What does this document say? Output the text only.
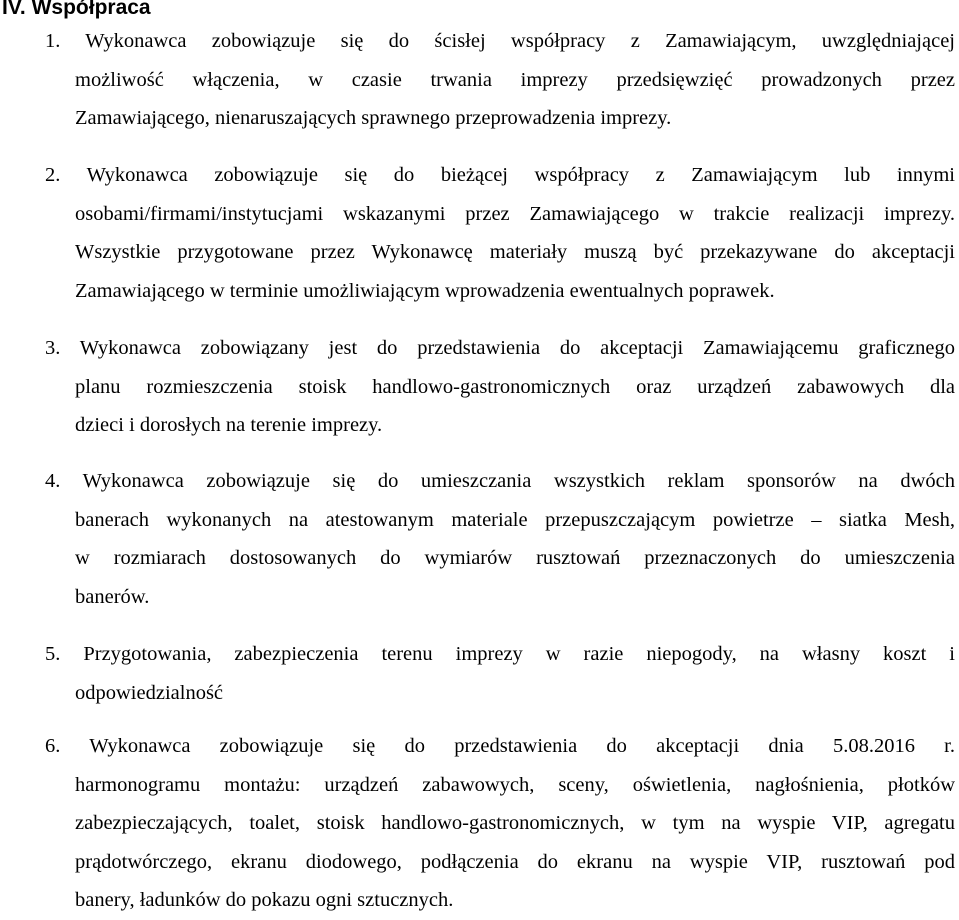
IV. Współpraca
1. Wykonawca zobowiązuje się do ścisłej współpracy z Zamawiającym, uwzględniającej
możliwość włączenia, w czasie trwania imprezy przedsięwzięć prowadzonych przez
Zamawiającego, nienaruszających sprawnego przeprowadzenia imprezy.
2. Wykonawca zobowiązuje się do bieżącej współpracy z Zamawiającym lub innymi
osobami/firmami/instytucjami wskazanymi przez Zamawiającego w trakcie realizacji imprezy.
Wszystkie przygotowane przez Wykonawcę materiały muszą być przekazywane do akceptacji
Zamawiającego w terminie umożliwiającym wprowadzenia ewentualnych poprawek.
3. Wykonawca zobowiązany jest do przedstawienia do akceptacji Zamawiającemu graficznego
planu rozmieszczenia stoisk handlowo-gastronomicznych oraz urządzeń zabawowych dla
dzieci i dorosłych na terenie imprezy.
4. Wykonawca zobowiązuje się do umieszczania wszystkich reklam sponsorów na dwóch
banerach wykonanych na atestowanym materiale przepuszczającym powietrze – siatka Mesh,
w rozmiarach dostosowanych do wymiarów rusztowań przeznaczonych do umieszczenia
banerów.
5. Przygotowania, zabezpieczenia terenu imprezy w razie niepogody, na własny koszt i
odpowiedzialność
6. Wykonawca zobowiązuje się do przedstawienia do akceptacji dnia 5.08.2016 r.
harmonogramu montażu: urządzeń zabawowych, sceny, oświetlenia, nagłośnienia, płotków
zabezpieczających, toalet, stoisk handlowo-gastronomicznych, w tym na wyspie VIP, agregatu
prądotwórczego, ekranu diodowego, podłączenia do ekranu na wyspie VIP, rusztowań pod
banery, ładunków do pokazu ogni sztucznych.
